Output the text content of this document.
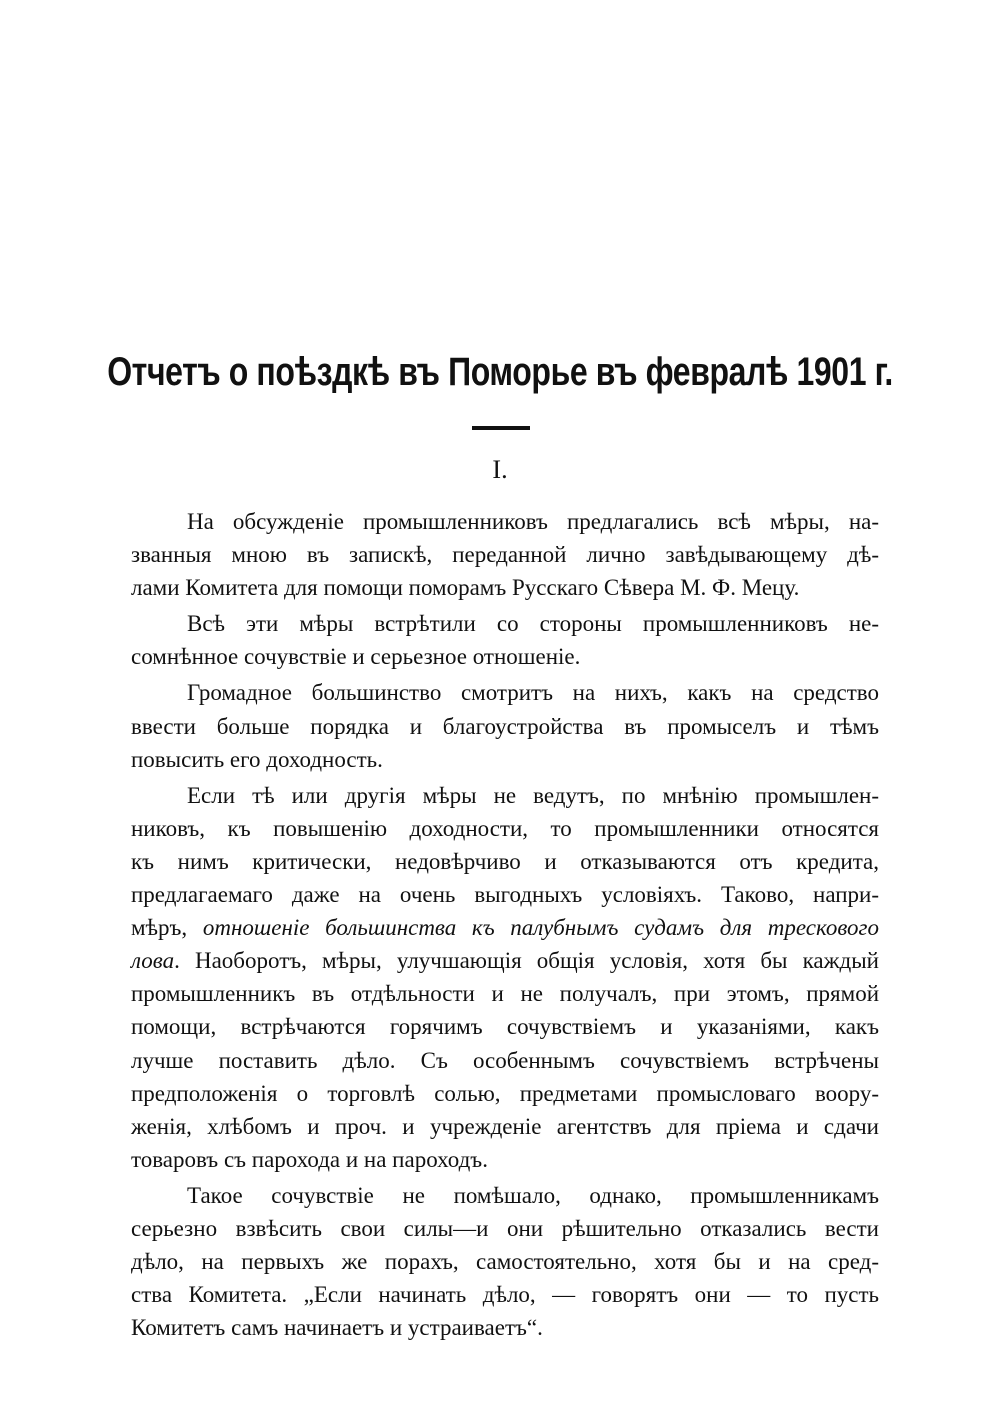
Отчетъ о поѣздкѣ въ Поморье въ февралѣ 1901 г.
I.
На обсужденіе промышленниковъ предлагались всѣ мѣры, на-
званныя мною въ запискѣ, переданной лично завѣдывающему дѣ-
лами Комитета для помощи поморамъ Русскаго Сѣвера М. Ф. Мецу.
Всѣ эти мѣры встрѣтили со стороны промышленниковъ не-
сомнѣнное сочувствіе и серьезное отношеніе.
Громадное большинство смотритъ на нихъ, какъ на средство
ввести больше порядка и благоустройства въ промыселъ и тѣмъ
повысить его доходность.
Если тѣ или другія мѣры не ведутъ, по мнѣнію промышлен-
никовъ, къ повышенію доходности, то промышленники относятся
къ нимъ критически, недовѣрчиво и отказываются отъ кредита,
предлагаемаго даже на очень выгодныхъ условіяхъ. Таково, напри-
мѣръ, отношеніе большинства къ палубнымъ судамъ для трескового
лова. Наоборотъ, мѣры, улучшающія общія условія, хотя бы каждый
промышленникъ въ отдѣльности и не получалъ, при этомъ, прямой
помощи, встрѣчаются горячимъ сочувствіемъ и указаніями, какъ
лучше поставить дѣло. Съ особеннымъ сочувствіемъ встрѣчены
предположенія о торговлѣ солью, предметами промысловаго воору-
женія, хлѣбомъ и проч. и учрежденіе агентствъ для пріема и сдачи
товаровъ съ парохода и на пароходъ.
Такое сочувствіе не помѣшало, однако, промышленникамъ
серьезно взвѣсить свои силы—и они рѣшительно отказались вести
дѣло, на первыхъ же порахъ, самостоятельно, хотя бы и на сред-
ства Комитета. „Если начинать дѣло, — говорятъ они — то пусть
Комитетъ самъ начинаетъ и устраиваетъ“.
